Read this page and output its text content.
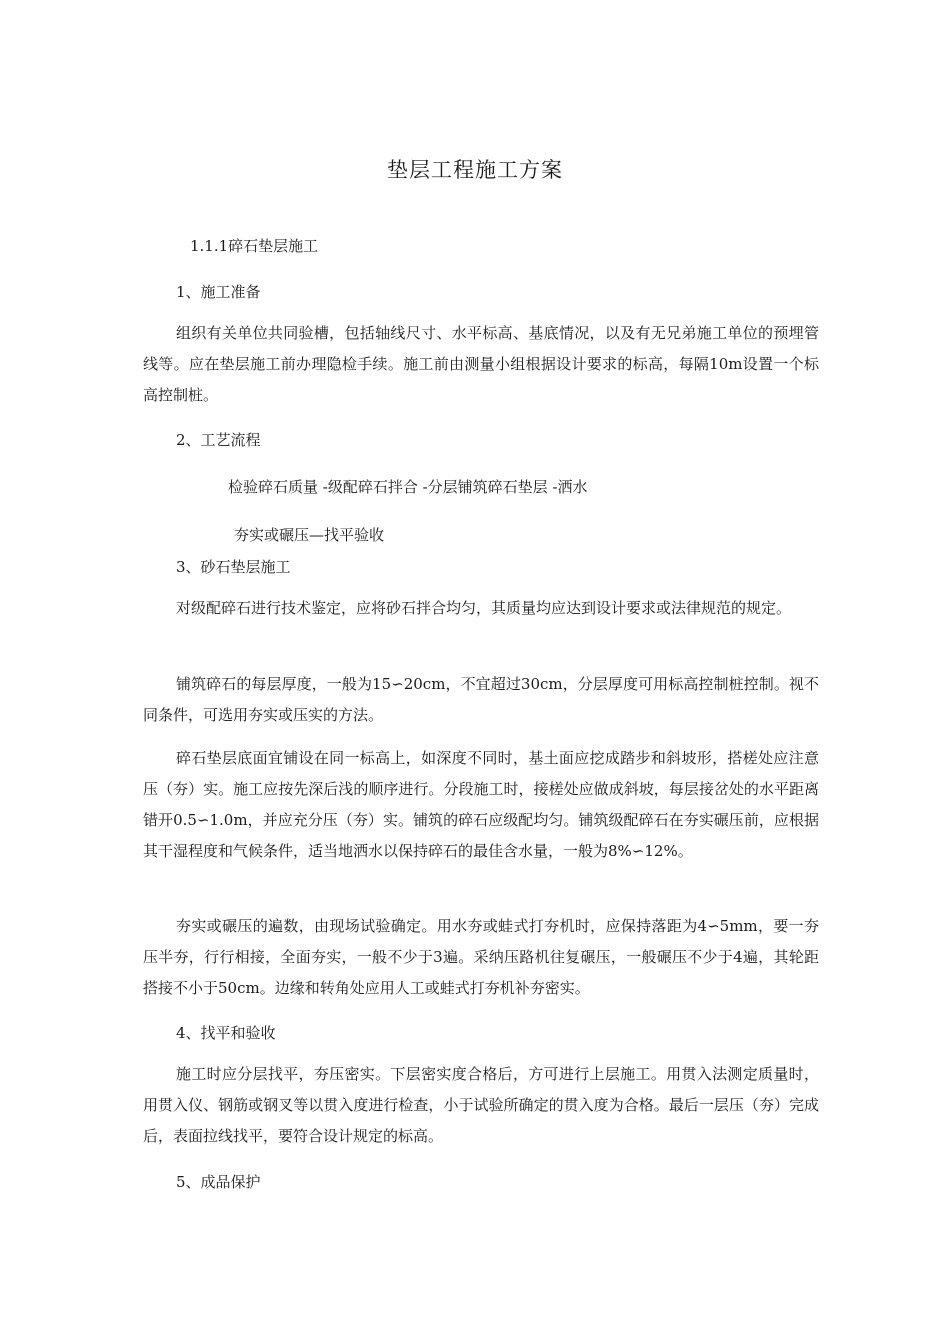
垫层工程施工方案
1.1.1碎石垫层施工
1、施工准备
组织有关单位共同验槽，包括轴线尺寸、水平标高、基底情况，以及有无兄弟施工单位的预埋管线等。应在垫层施工前办理隐检手续。施工前由测量小组根据设计要求的标高，每隔10m设置一个标高控制桩。
2、工艺流程
检验碎石质量 -级配碎石拌合 -分层铺筑碎石垫层 -洒水
夯实或碾压—找平验收
3、砂石垫层施工
对级配碎石进行技术鉴定，应将砂石拌合均匀，其质量均应达到设计要求或法律规范的规定。
铺筑碎石的每层厚度，一般为15∽20cm，不宜超过30cm，分层厚度可用标高控制桩控制。视不同条件，可选用夯实或压实的方法。
碎石垫层底面宜铺设在同一标高上，如深度不同时，基土面应挖成踏步和斜坡形，搭槎处应注意压（夯）实。施工应按先深后浅的顺序进行。分段施工时，接槎处应做成斜坡，每层接岔处的水平距离错开0.5∽1.0m，并应充分压（夯）实。铺筑的碎石应级配均匀。铺筑级配碎石在夯实碾压前，应根据其干湿程度和气候条件，适当地洒水以保持碎石的最佳含水量，一般为8%∽12%。
夯实或碾压的遍数，由现场试验确定。用水夯或蛙式打夯机时，应保持落距为4∽5mm，要一夯压半夯，行行相接，全面夯实，一般不少于3遍。采纳压路机往复碾压，一般碾压不少于4遍，其轮距搭接不小于50cm。边缘和转角处应用人工或蛙式打夯机补夯密实。
4、找平和验收
施工时应分层找平，夯压密实。下层密实度合格后，方可进行上层施工。用贯入法测定质量时，用贯入仪、钢筋或钢叉等以贯入度进行检查，小于试验所确定的贯入度为合格。最后一层压（夯）完成后，表面拉线找平，要符合设计规定的标高。
5、成品保护
